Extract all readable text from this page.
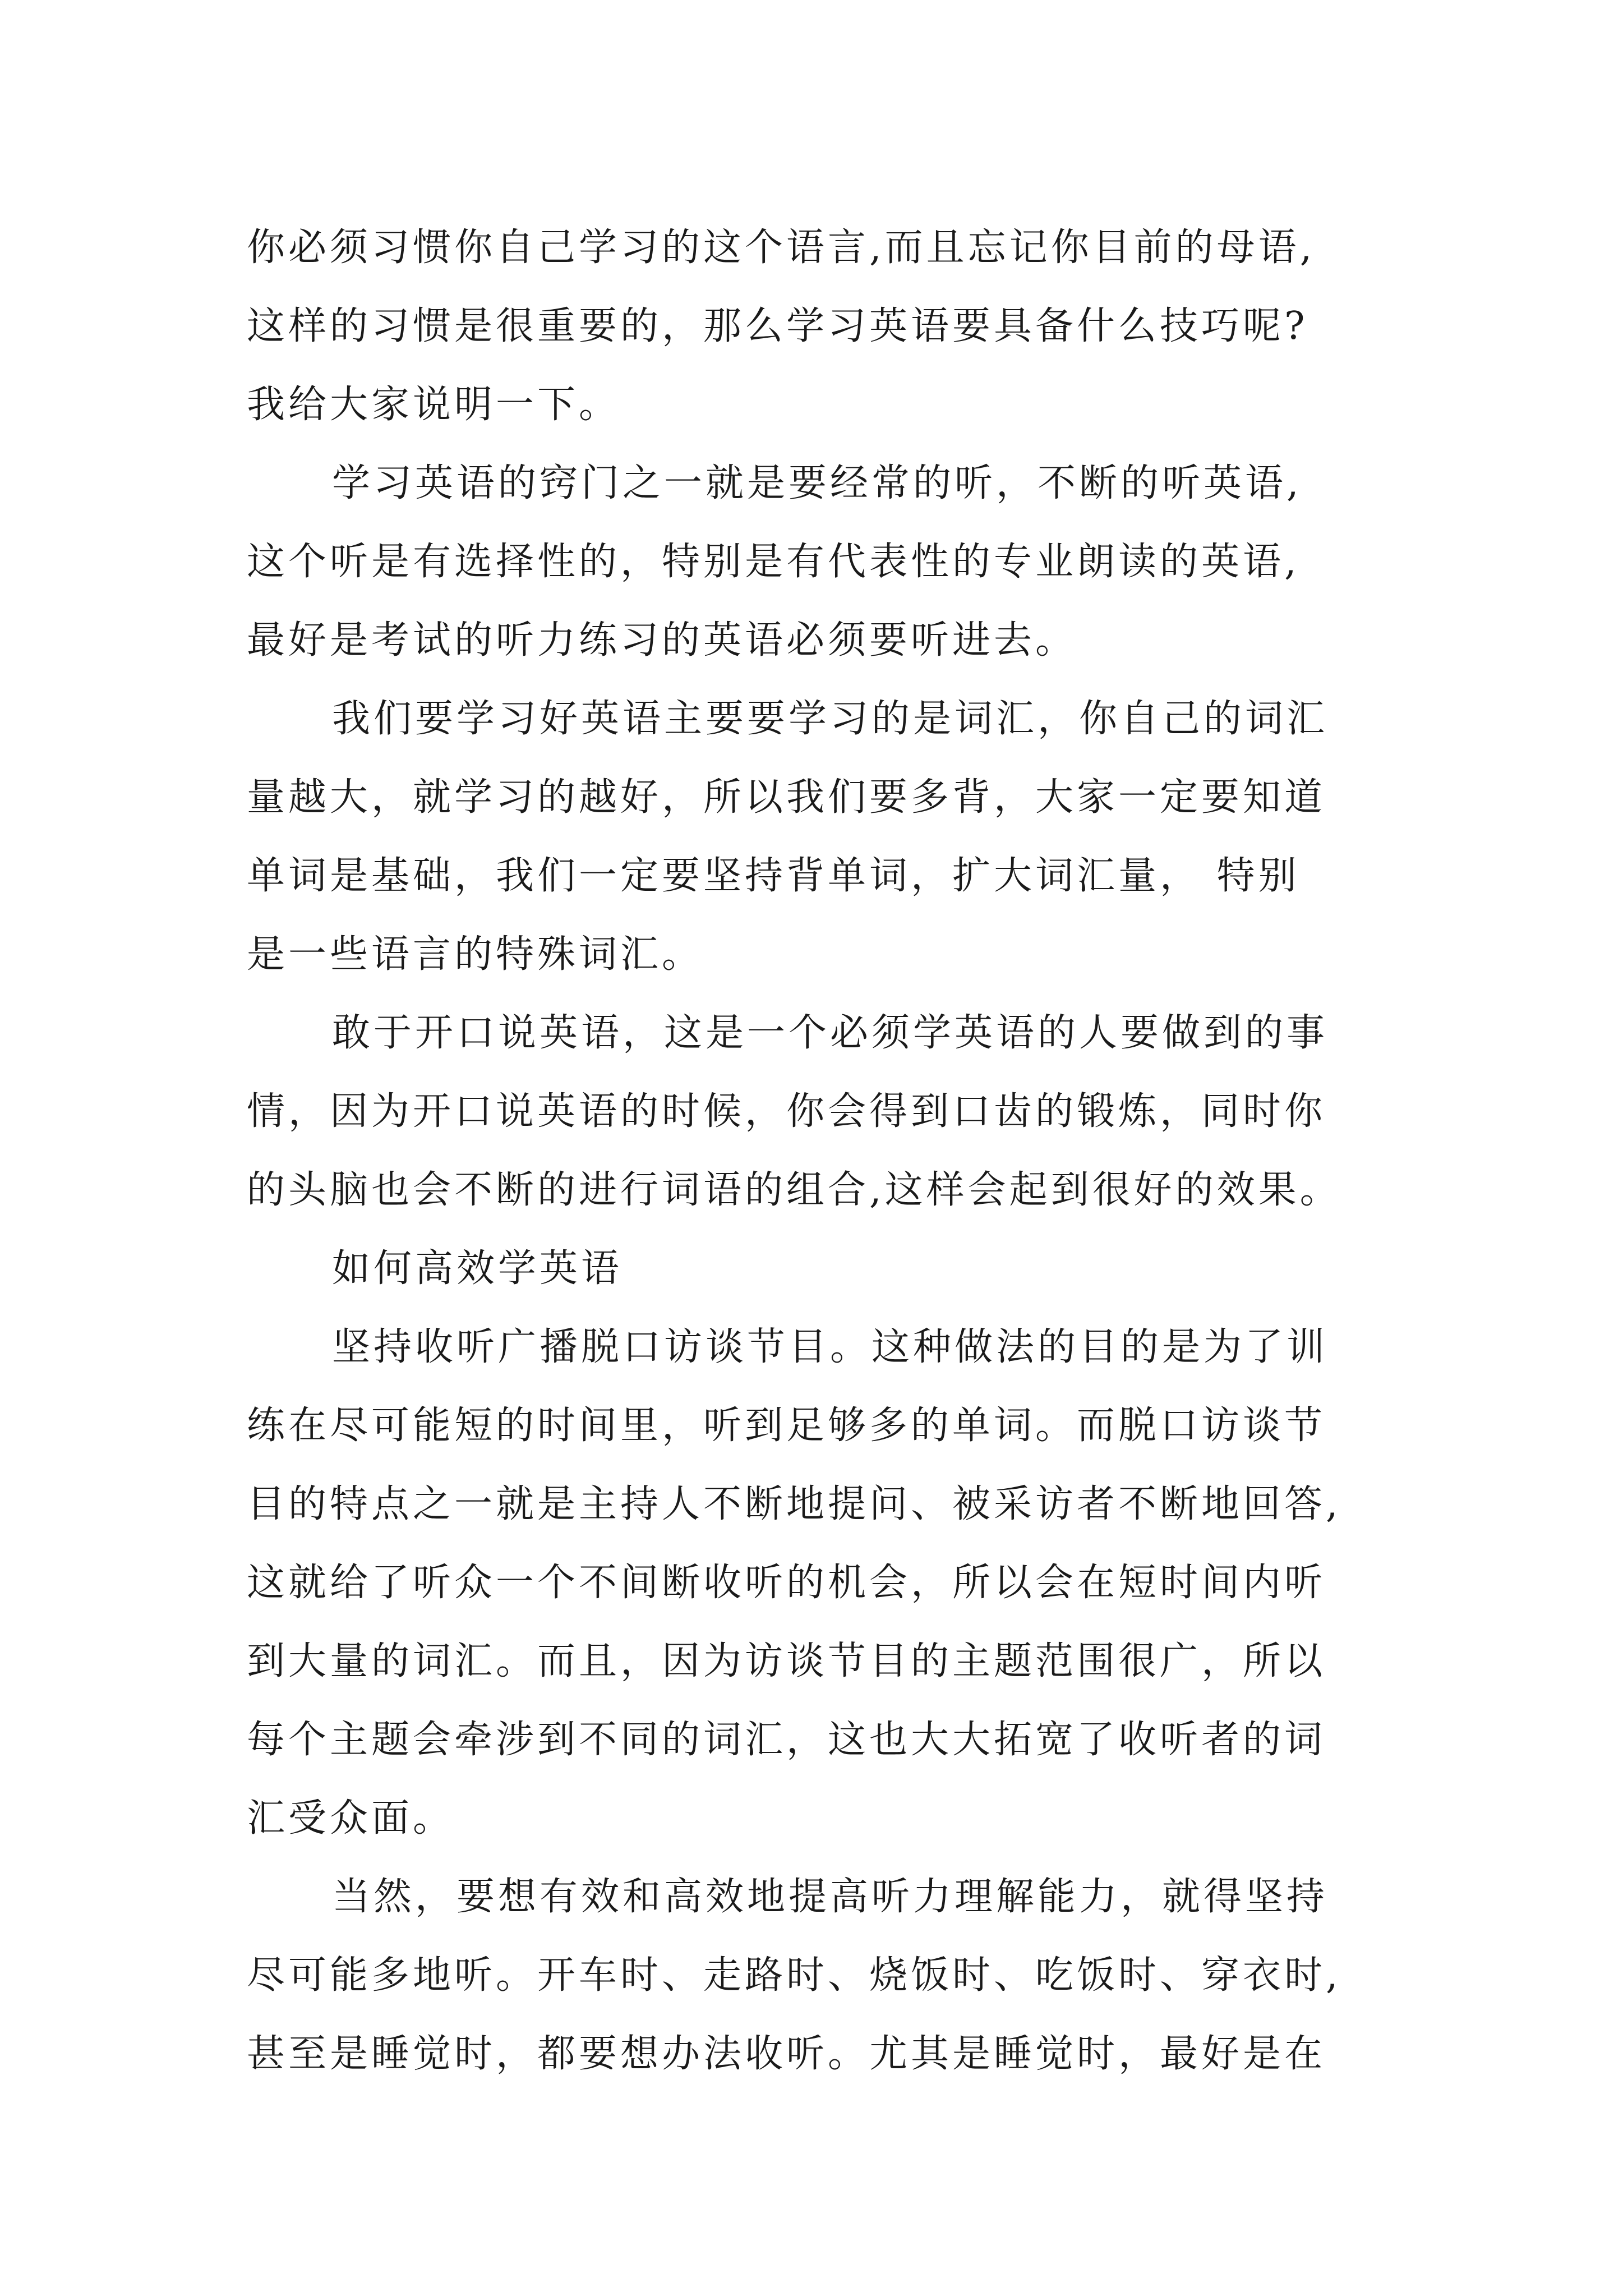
你必须习惯你自己学习的这个语言,而且忘记你目前的母语,
这样的习惯是很重要的，那么学习英语要具备什么技巧呢?
我给大家说明一下。
学习英语的窍门之一就是要经常的听，不断的听英语,
这个听是有选择性的，特别是有代表性的专业朗读的英语,
最好是考试的听力练习的英语必须要听进去。
我们要学习好英语主要要学习的是词汇，你自己的词汇
量越大，就学习的越好，所以我们要多背，大家一定要知道
单词是基础，我们一定要坚持背单词，扩大词汇量， 特别
是一些语言的特殊词汇。
敢于开口说英语，这是一个必须学英语的人要做到的事
情，因为开口说英语的时候，你会得到口齿的锻炼，同时你
的头脑也会不断的进行词语的组合,这样会起到很好的效果。
如何高效学英语
坚持收听广播脱口访谈节目。这种做法的目的是为了训
练在尽可能短的时间里，听到足够多的单词。而脱口访谈节
目的特点之一就是主持人不断地提问、被采访者不断地回答,
这就给了听众一个不间断收听的机会，所以会在短时间内听
到大量的词汇。而且，因为访谈节目的主题范围很广，所以
每个主题会牵涉到不同的词汇，这也大大拓宽了收听者的词
汇受众面。
当然，要想有效和高效地提高听力理解能力，就得坚持
尽可能多地听。开车时、走路时、烧饭时、吃饭时、穿衣时,
甚至是睡觉时，都要想办法收听。尤其是睡觉时，最好是在
